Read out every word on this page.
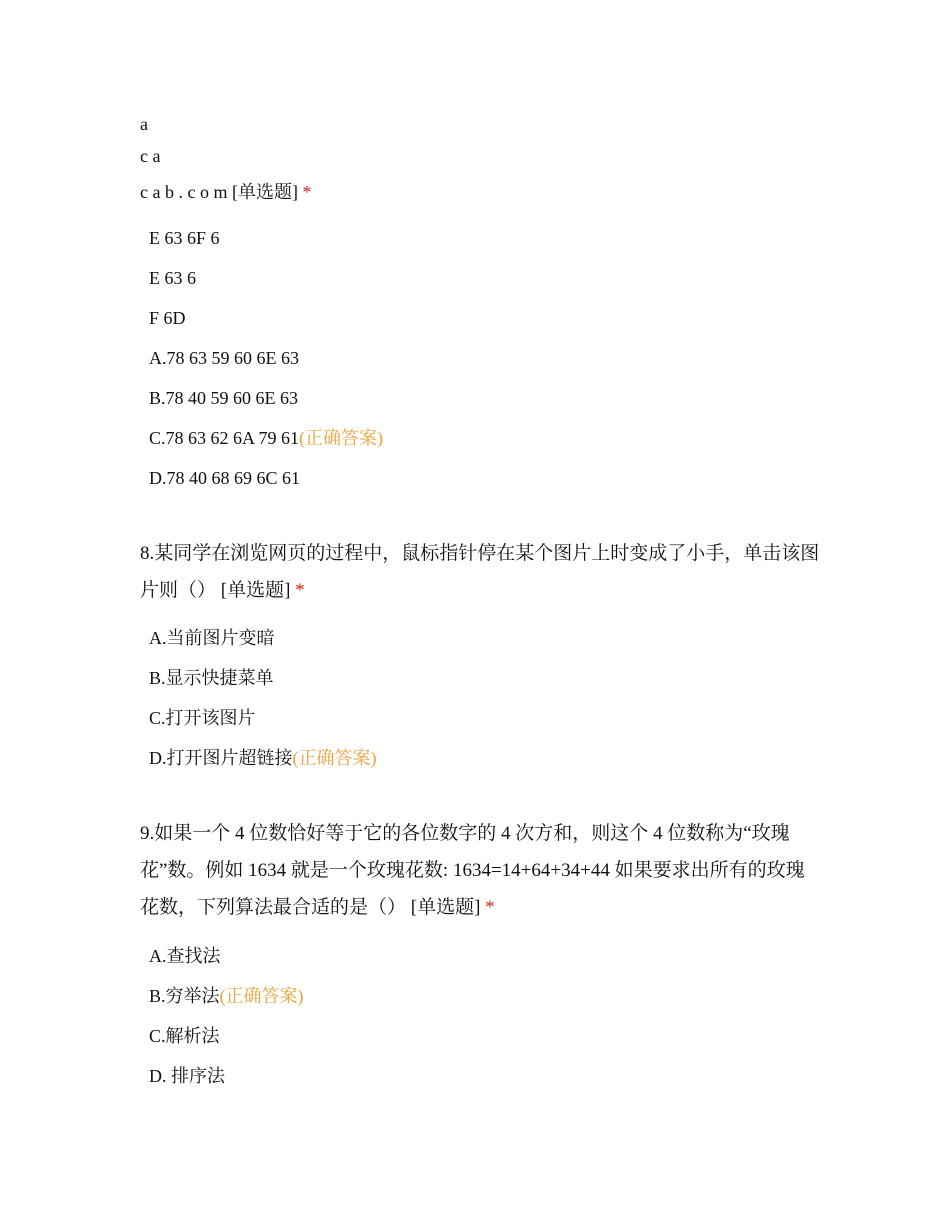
a
c a
c a b . c o m [单选题] *
E 63 6F 6
E 63 6
F 6D
A.78 63 59 60 6E 63
B.78 40 59 60 6E 63
C.78 63 62 6A 79 61(正确答案)
D.78 40 68 69 6C 61
8.某同学在浏览网页的过程中，鼠标指针停在某个图片上时变成了小手，单击该图片则（） [单选题] *
A.当前图片变暗
B.显示快捷菜单
C.打开该图片
D.打开图片超链接(正确答案)
9.如果一个 4 位数恰好等于它的各位数字的 4 次方和，则这个 4 位数称为“玫瑰花”数。例如 1634 就是一个玫瑰花数: 1634=14+64+34+44 如果要求出所有的玫瑰花数，下列算法最合适的是（） [单选题] *
A.查找法
B.穷举法(正确答案)
C.解析法
D. 排序法
